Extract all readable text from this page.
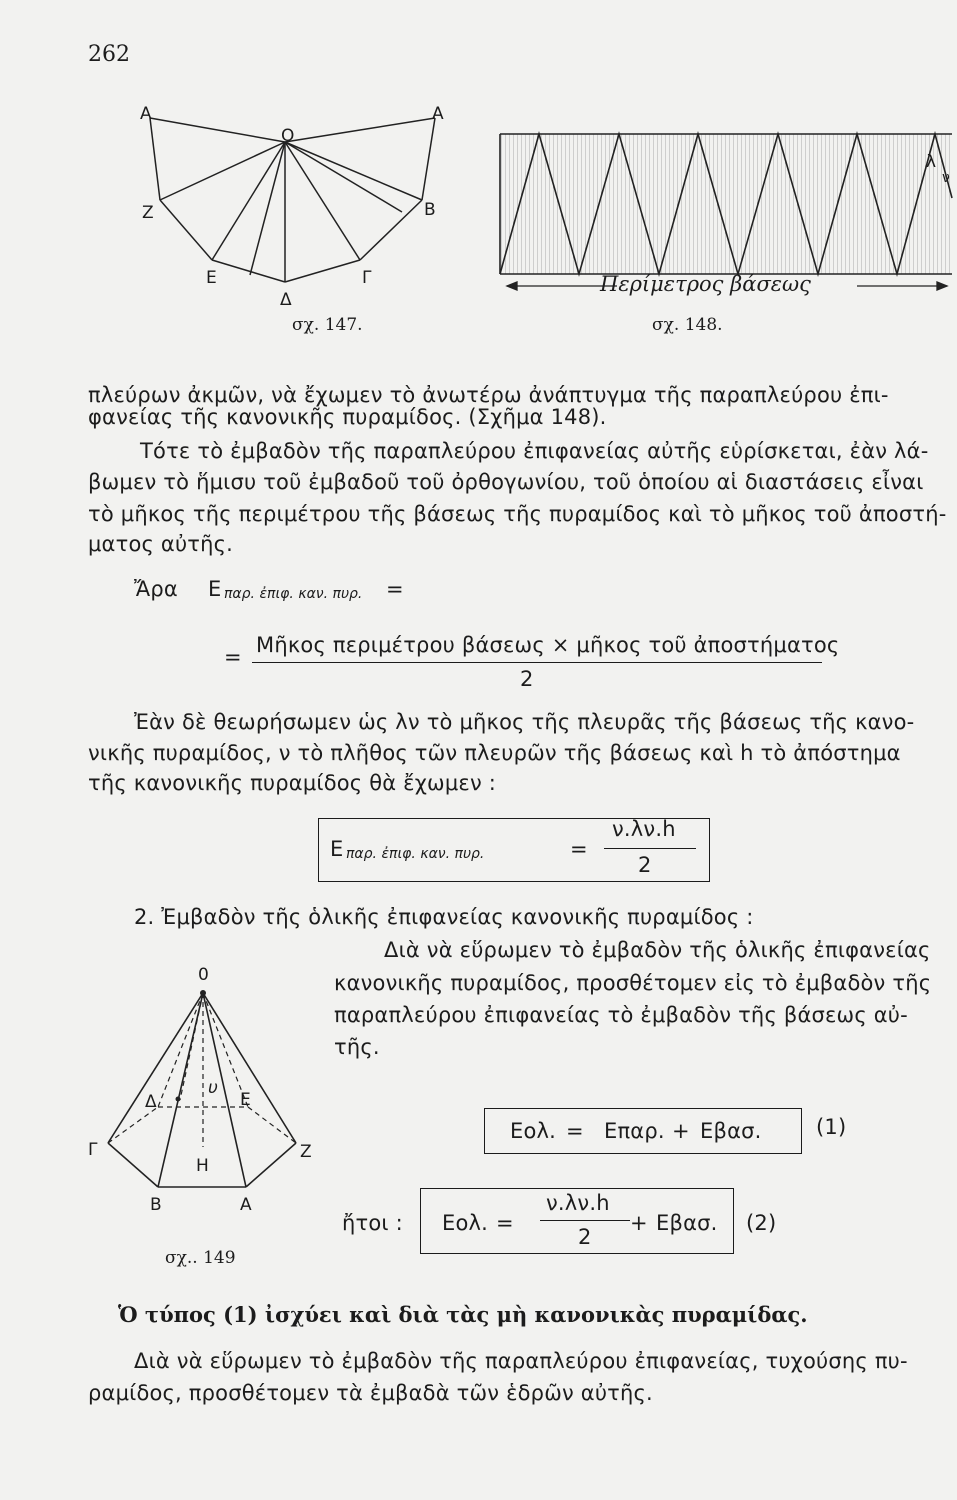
262
A	A
O
Z	B
E	Γ
Δ
σχ. 147.
Περίμετρος βάσεως
λ
ν
σχ. 148.
πλεύρων ἀκμῶν, νὰ ἔχωμεν τὸ ἀνωτέρω ἀνάπτυγμα τῆς παραπλεύρου ἐπι-
φανείας τῆς κανονικῆς πυραμίδος. (Σχῆμα 148).
Τότε τὸ ἐμβαδὸν τῆς παραπλεύρου ἐπιφανείας αὐτῆς εὑρίσκεται, ἐὰν λά-
βωμεν τὸ ἥμισυ τοῦ ἐμβαδοῦ τοῦ ὀρθογωνίου, τοῦ ὁποίου αἱ διαστάσεις εἶναι
τὸ μῆκος τῆς περιμέτρου τῆς βάσεως τῆς πυραμίδος καὶ τὸ μῆκος τοῦ ἀποστή-
ματος αὐτῆς.
Ἄρα E παρ. ἐπιφ. καν. πυρ. =
= Μῆκος περιμέτρου βάσεως × μῆκος τοῦ ἀποστήματος
2
Ἐὰν δὲ θεωρήσωμεν ὡς λν τὸ μῆκος τῆς πλευρᾶς τῆς βάσεως τῆς κανο-
νικῆς πυραμίδος, ν τὸ πλῆθος τῶν πλευρῶν τῆς βάσεως καὶ h τὸ ἀπόστημα
τῆς κανονικῆς πυραμίδος θὰ ἔχωμεν :
E παρ. ἐπιφ. καν. πυρ.	=
ν.λν.h
2
2. Ἐμβαδὸν τῆς ὁλικῆς ἐπιφανείας κανονικῆς πυραμίδος :
Διὰ νὰ εὕρωμεν τὸ ἐμβαδὸν τῆς ὁλικῆς ἐπιφανείας
κανονικῆς πυραμίδος, προσθέτομεν εἰς τὸ ἐμβαδὸν τῆς
παραπλεύρου ἐπιφανείας τὸ ἐμβαδὸν τῆς βάσεως αὐ-
τῆς.
0
υ
Δ	E
Γ	Z
H
B	A
σχ.. 149
Eολ. = Eπαρ. + Eβασ.	(1)
ἤτοι : Eολ. =
ν.λν.h
2
+ Eβασ. (2)
Ὁ τύπος (1) ἰσχύει καὶ διὰ τὰς μὴ κανονικὰς πυραμίδας.
Διὰ νὰ εὕρωμεν τὸ ἐμβαδὸν τῆς παραπλεύρου ἐπιφανείας, τυχούσης πυ-
ραμίδος, προσθέτομεν τὰ ἐμβαδὰ τῶν ἑδρῶν αὐτῆς.
